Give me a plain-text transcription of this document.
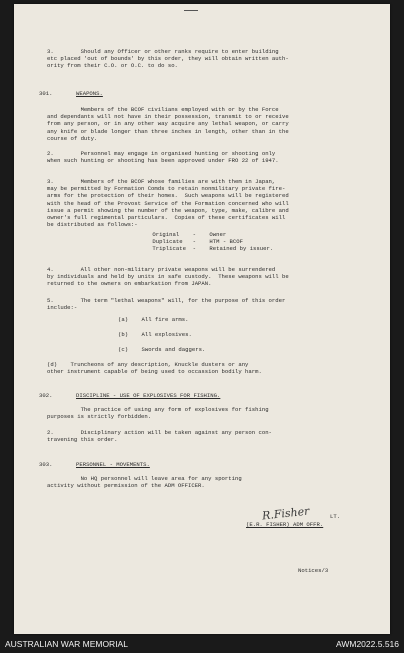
3.        Should any Officer or other ranks require to enter building
etc placed 'out of bounds' by this order, they will obtain written auth-
ority from their C.O. or O.C. to do so.
301.	WEAPONS.
Members of the BCOF civilians employed with or by the Force
and dependants will not have in their possession, transmit to or receive
from any person, or in any other way acquire any lethal weapon, or carry
any knife or blade longer than three inches in length, other than in the
course of duty.
2.        Personnel may engage in organised hunting or shooting only
when such hunting or shooting has been approved under FRO 22 of 1947.
3.        Members of the BCOF whose families are with them in Japan,
may be permitted by Formation Comds to retain nonmilitary private fire-
arms for the protection of their homes.  Such weapons will be registered
with the head of the Provost Service of the Formation concerned who will
issue a permit showing the number of the weapon, type, make, calibre and
owner's full regimental particulars.  Copies of these certificates will
be distributed as follows:-
Original    -    Owner
Duplicate   -    HTM - BCOF
Triplicate  -    Retained by issuer.
4.        All other non-military private weapons will be surrendered
by individuals and held by units in safe custody.  These weapons will be
returned to the owners on embarkation from JAPAN.
5.        The term "lethal weapons" will, for the purpose of this order
include:-
(a)    All fire arms.
(b)    All explosives.
(c)    Swords and daggers.
(d)    Truncheons of any description, Knuckle dusters or any
other instrument capable of being used to occassion bodily harm.
302.	DISCIPLINE - USE OF EXPLOSIVES FOR FISHING.
The practice of using any form of explosives for fishing
purposes is strictly forbidden.
2.        Disciplinary action will be taken against any person con-
travening this order.
303.	PERSONNEL - MOVEMENTS.
No HQ personnel will leave area for any sporting
activity without permission of the ADM OFFICER.
R.Fisher	LT.
(E.R. FISHER) ADM OFFR.
Notices/3
AUSTRALIAN WAR MEMORIAL	AWM2022.5.516
